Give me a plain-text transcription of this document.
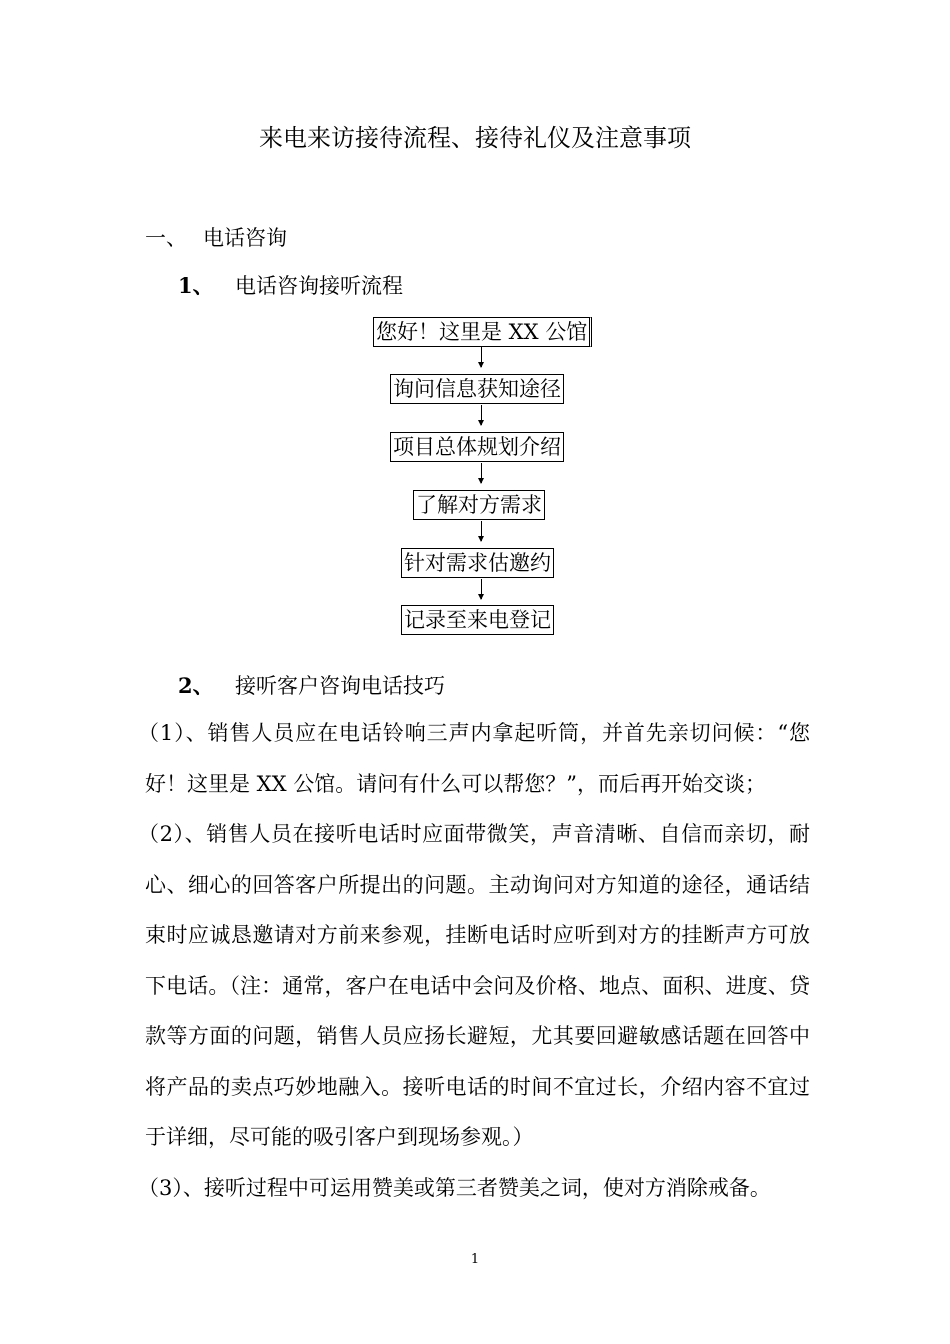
来电来访接待流程、接待礼仪及注意事项
一、 电话咨询
1、 电话咨询接听流程
您好！这里是 XX 公馆
询问信息获知途径
项目总体规划介绍
了解对方需求
针对需求估邀约
记录至来电登记
2、 接听客户咨询电话技巧
（1）、销售人员应在电话铃响三声内拿起听筒，并首先亲切问候：“您好！这里是 XX 公馆。请问有什么可以帮您？”，而后再开始交谈；
（2）、销售人员在接听电话时应面带微笑，声音清晰、自信而亲切，耐心、细心的回答客户所提出的问题。主动询问对方知道的途径，通话结束时应诚恳邀请对方前来参观，挂断电话时应听到对方的挂断声方可放下电话。（注：通常，客户在电话中会问及价格、地点、面积、进度、贷款等方面的问题，销售人员应扬长避短，尤其要回避敏感话题在回答中将产品的卖点巧妙地融入。接听电话的时间不宜过长，介绍内容不宜过于详细，尽可能的吸引客户到现场参观。）
（3）、接听过程中可运用赞美或第三者赞美之词，使对方消除戒备。
1
